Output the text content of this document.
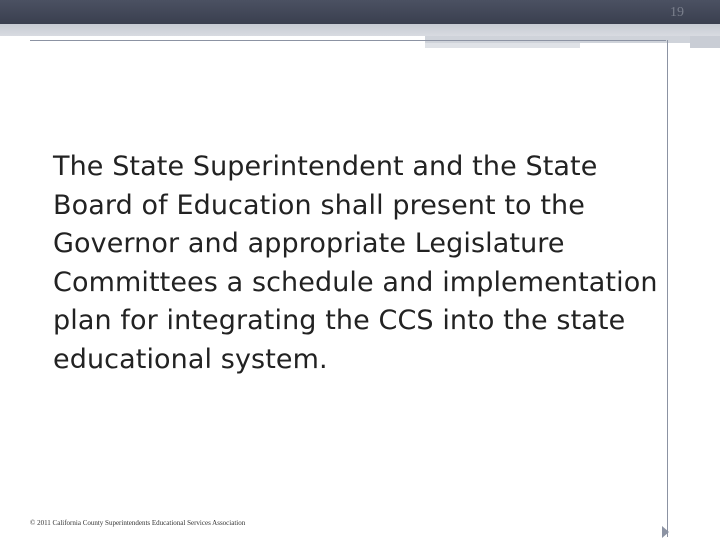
19
The State Superintendent and the State Board of Education shall present to the Governor and appropriate Legislature Committees a schedule and implementation plan for integrating the CCS into the state educational system.
© 2011 California County Superintendents Educational Services Association
